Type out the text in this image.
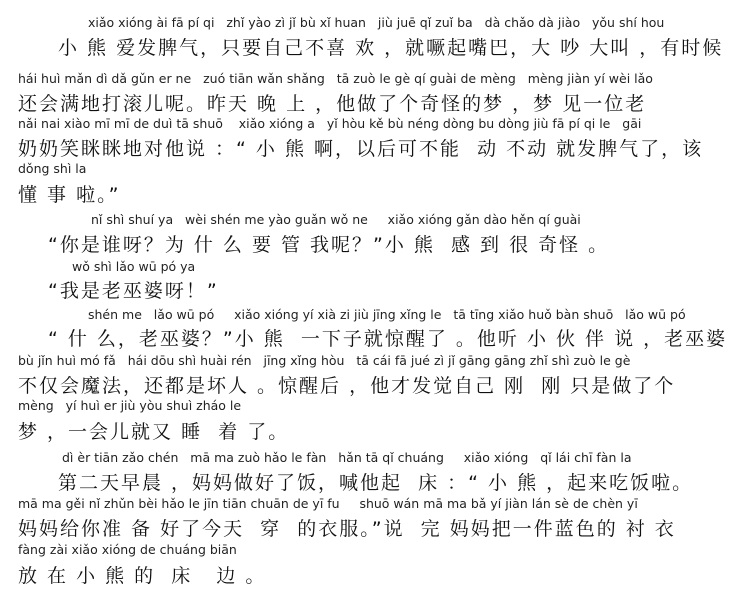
xiǎo xióng ài fā pí qi   zhǐ yào zì jǐ bù xǐ huan   jiù juē qǐ zuǐ ba   dà chǎo dà jiào   yǒu shí hou
小 熊 爱发脾气，只要自己不喜 欢 ，就噘起嘴巴，大 吵 大叫 ，有时候
hái huì mǎn dì dǎ gǔn er ne   zuó tiān wǎn shǎng   tā zuò le gè qí guài de mèng   mèng jiàn yí wèi lǎo
还会满地打滚儿呢。昨天 晚 上 ，他做了个奇怪的梦 ，梦 见一位老
nǎi nai xiào mī mī de duì tā shuō    xiǎo xióng a   yǐ hòu kě bù néng dòng bu dòng jiù fā pí qi le   gāi
奶奶笑眯眯地对他说 ：“ 小 熊 啊，以后可不能  动 不动 就发脾气了，该
dǒng shì la
懂 事 啦。”
nǐ shì shuí ya   wèi shén me yào guǎn wǒ ne     xiǎo xióng gǎn dào hěn qí guài
“你是谁呀？为 什 么 要 管 我呢？”小 熊  感 到 很 奇怪 。
wǒ shì lǎo wū pó ya
“我是老巫婆呀！”
shén me   lǎo wū pó     xiǎo xióng yí xià zi jiù jīng xǐng le   tā tīng xiǎo huǒ bàn shuō   lǎo wū pó
“ 什 么，老巫婆？”小 熊  一下子就惊醒了 。他听 小 伙 伴 说 ，老巫婆
bù jǐn huì mó fǎ   hái dōu shì huài rén   jīng xǐng hòu   tā cái fā jué zì jǐ gāng gāng zhǐ shì zuò le gè
不仅会魔法，还都是坏人 。惊醒后 ，他才发觉自己 刚  刚 只是做了个
mèng   yí huì er jiù yòu shuì zháo le
梦 ，一会儿就又 睡  着 了。
dì èr tiān zǎo chén   mā ma zuò hǎo le fàn   hǎn tā qǐ chuáng     xiǎo xióng   qǐ lái chī fàn la
第二天早晨 ，妈妈做好了饭，喊他起  床 ：“ 小 熊 ，起来吃饭啦。
mā ma gěi nǐ zhǔn bèi hǎo le jīn tiān chuān de yī fu     shuō wán mā ma bǎ yí jiàn lán sè de chèn yī
妈妈给你准 备 好了今天  穿  的衣服。”说  完 妈妈把一件蓝色的 衬 衣
fàng zài xiǎo xióng de chuáng biān
放 在 小 熊 的  床   边 。
